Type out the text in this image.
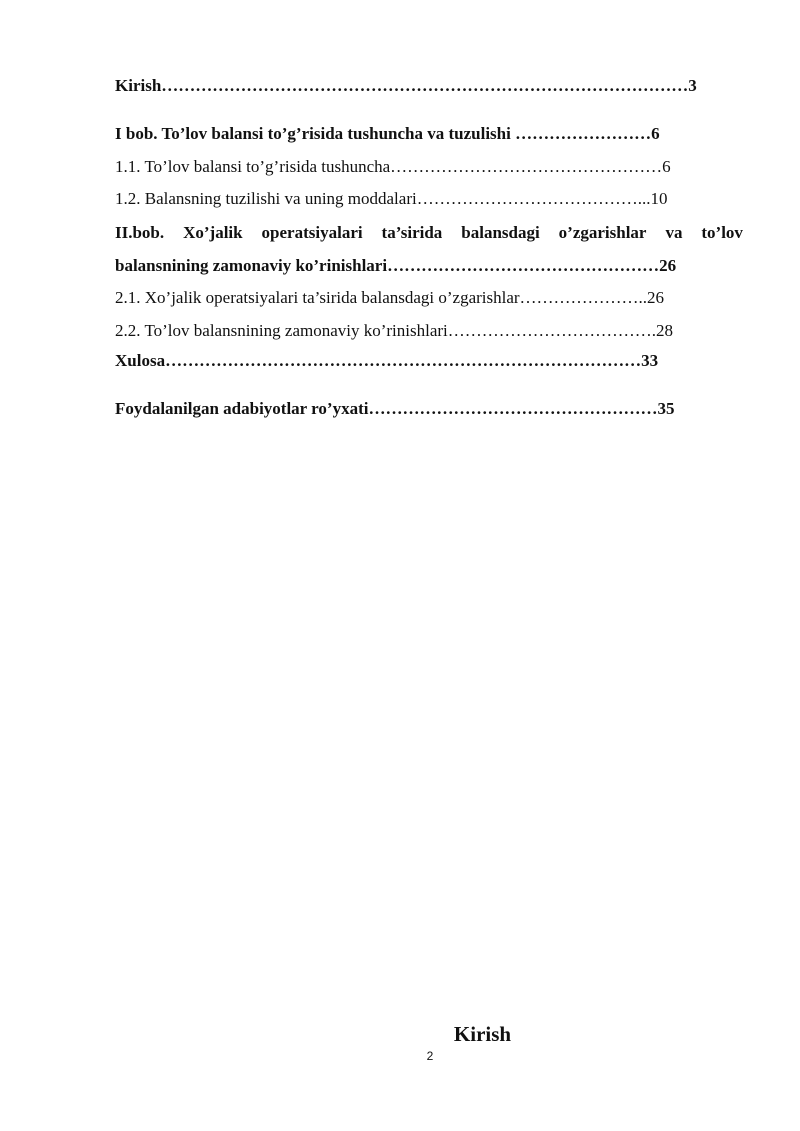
Kirish…………………………………………………………………………………3
I bob. To’lov balansi to’g’risida tushuncha va tuzulishi ……………………6
1.1. To’lov balansi to’g’risida tushuncha…………………………………………6
1.2. Balansning tuzilishi va uning moddalari…………………………………...10
II.bob. Xo’jalik operatsiyalari ta’sirida balansdagi o’zgarishlar va to’lov
balansnining zamonaviy ko’rinishlari…………………………………………26
2.1. Xo’jalik operatsiyalari ta’sirida balansdagi o’zgarishlar…………………..26
2.2. To’lov balansnining zamonaviy ko’rinishlari……………………………….28
Xulosa…………………………………………………………………………33
Foydalanilgan adabiyotlar ro’yxati……………………………………………35
Kirish
2
